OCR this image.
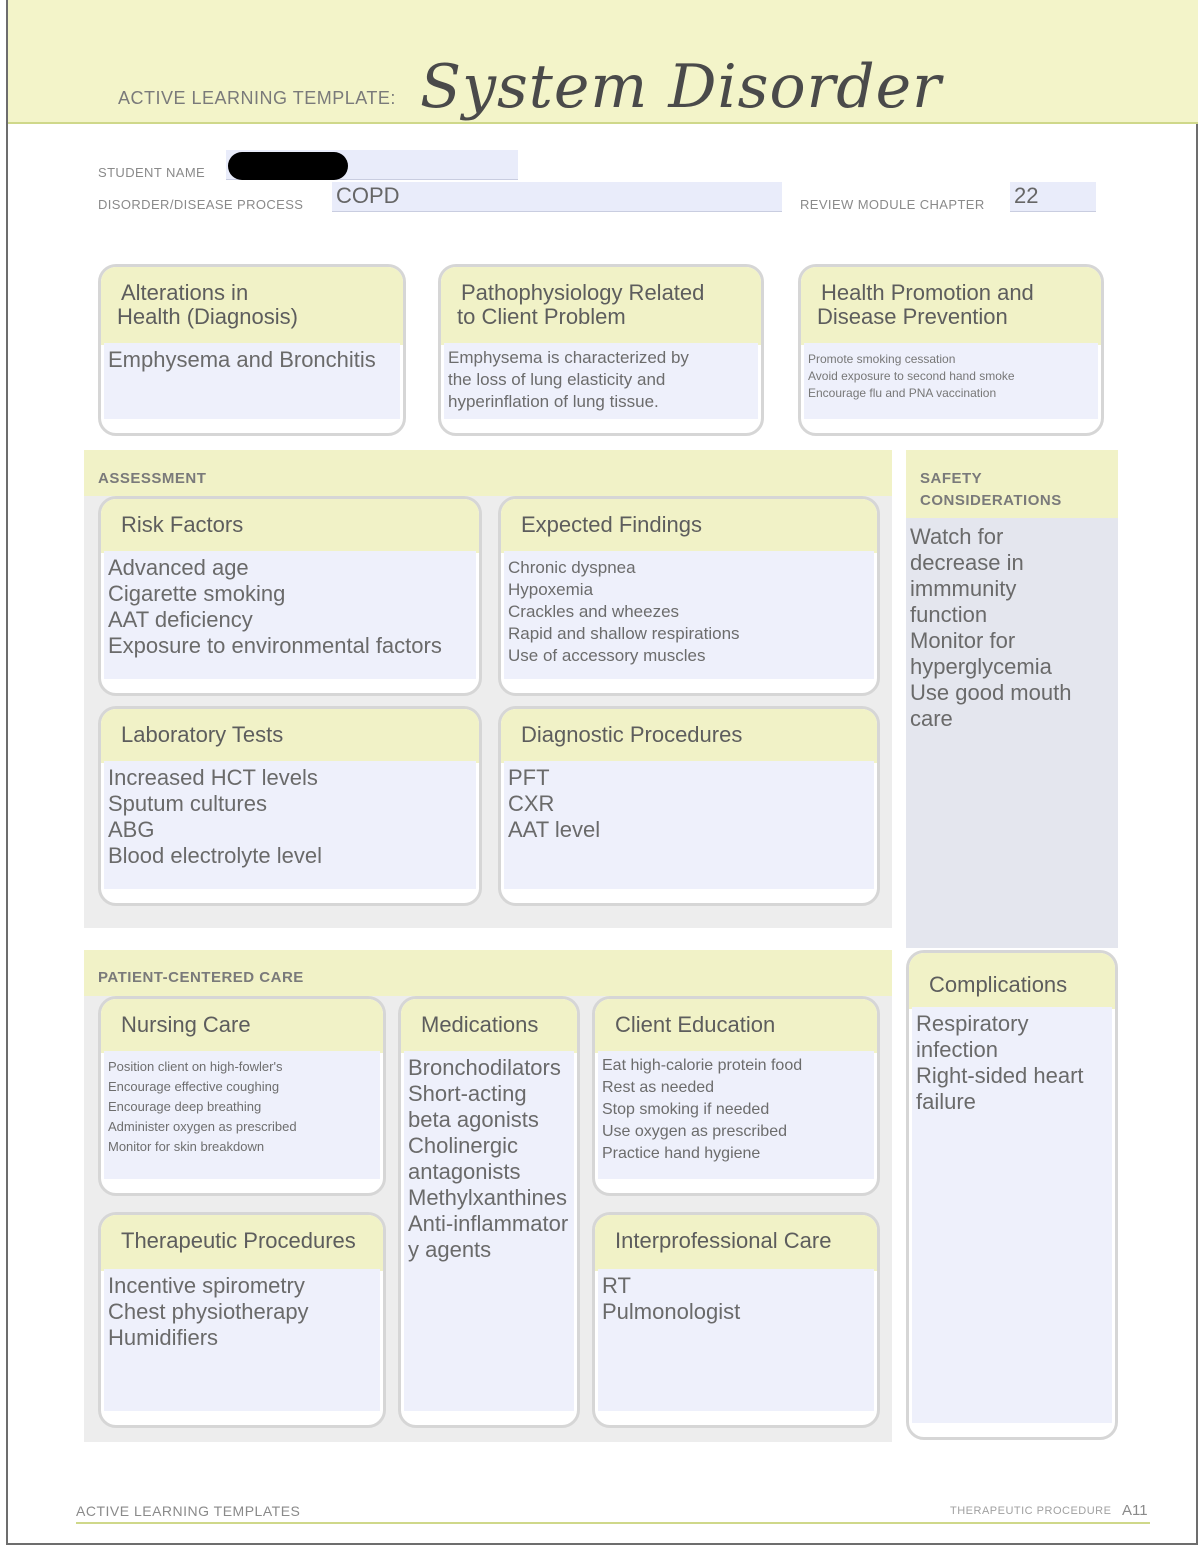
ACTIVE LEARNING TEMPLATE: System Disorder
STUDENT NAME
DISORDER/DISEASE PROCESS COPD	REVIEW MODULE CHAPTER 22
Alterations in
Health (Diagnosis)
Emphysema and Bronchitis
Pathophysiology Related
to Client Problem
Emphysema is characterized by
the loss of lung elasticity and
hyperinflation of lung tissue.
Health Promotion and
Disease Prevention
Promote smoking cessation
Avoid exposure to second hand smoke
Encourage flu and PNA vaccination
ASSESSMENT
Risk Factors
Advanced age
Cigarette smoking
AAT deficiency
Exposure to environmental factors
Expected Findings
Chronic dyspnea
Hypoxemia
Crackles and wheezes
Rapid and shallow respirations
Use of accessory muscles
Laboratory Tests
Increased HCT levels
Sputum cultures
ABG
Blood electrolyte level
Diagnostic Procedures
PFT
CXR
AAT level
SAFETY
CONSIDERATIONS
Watch for
decrease in
immmunity
function
Monitor for
hyperglycemia
Use good mouth
care
PATIENT-CENTERED CARE
Nursing Care
Position client on high-fowler's
Encourage effective coughing
Encourage deep breathing
Administer oxygen as prescribed
Monitor for skin breakdown
Medications
Bronchodilators
Short-acting
beta agonists
Cholinergic
antagonists
Methylxanthines
Anti-inflammator
y agents
Client Education
Eat high-calorie protein food
Rest as needed
Stop smoking if needed
Use oxygen as prescribed
Practice hand hygiene
Therapeutic Procedures
Incentive spirometry
Chest physiotherapy
Humidifiers
Interprofessional Care
RT
Pulmonologist
Complications
Respiratory
infection
Right-sided heart
failure
ACTIVE LEARNING TEMPLATES	THERAPEUTIC PROCEDURE A11
